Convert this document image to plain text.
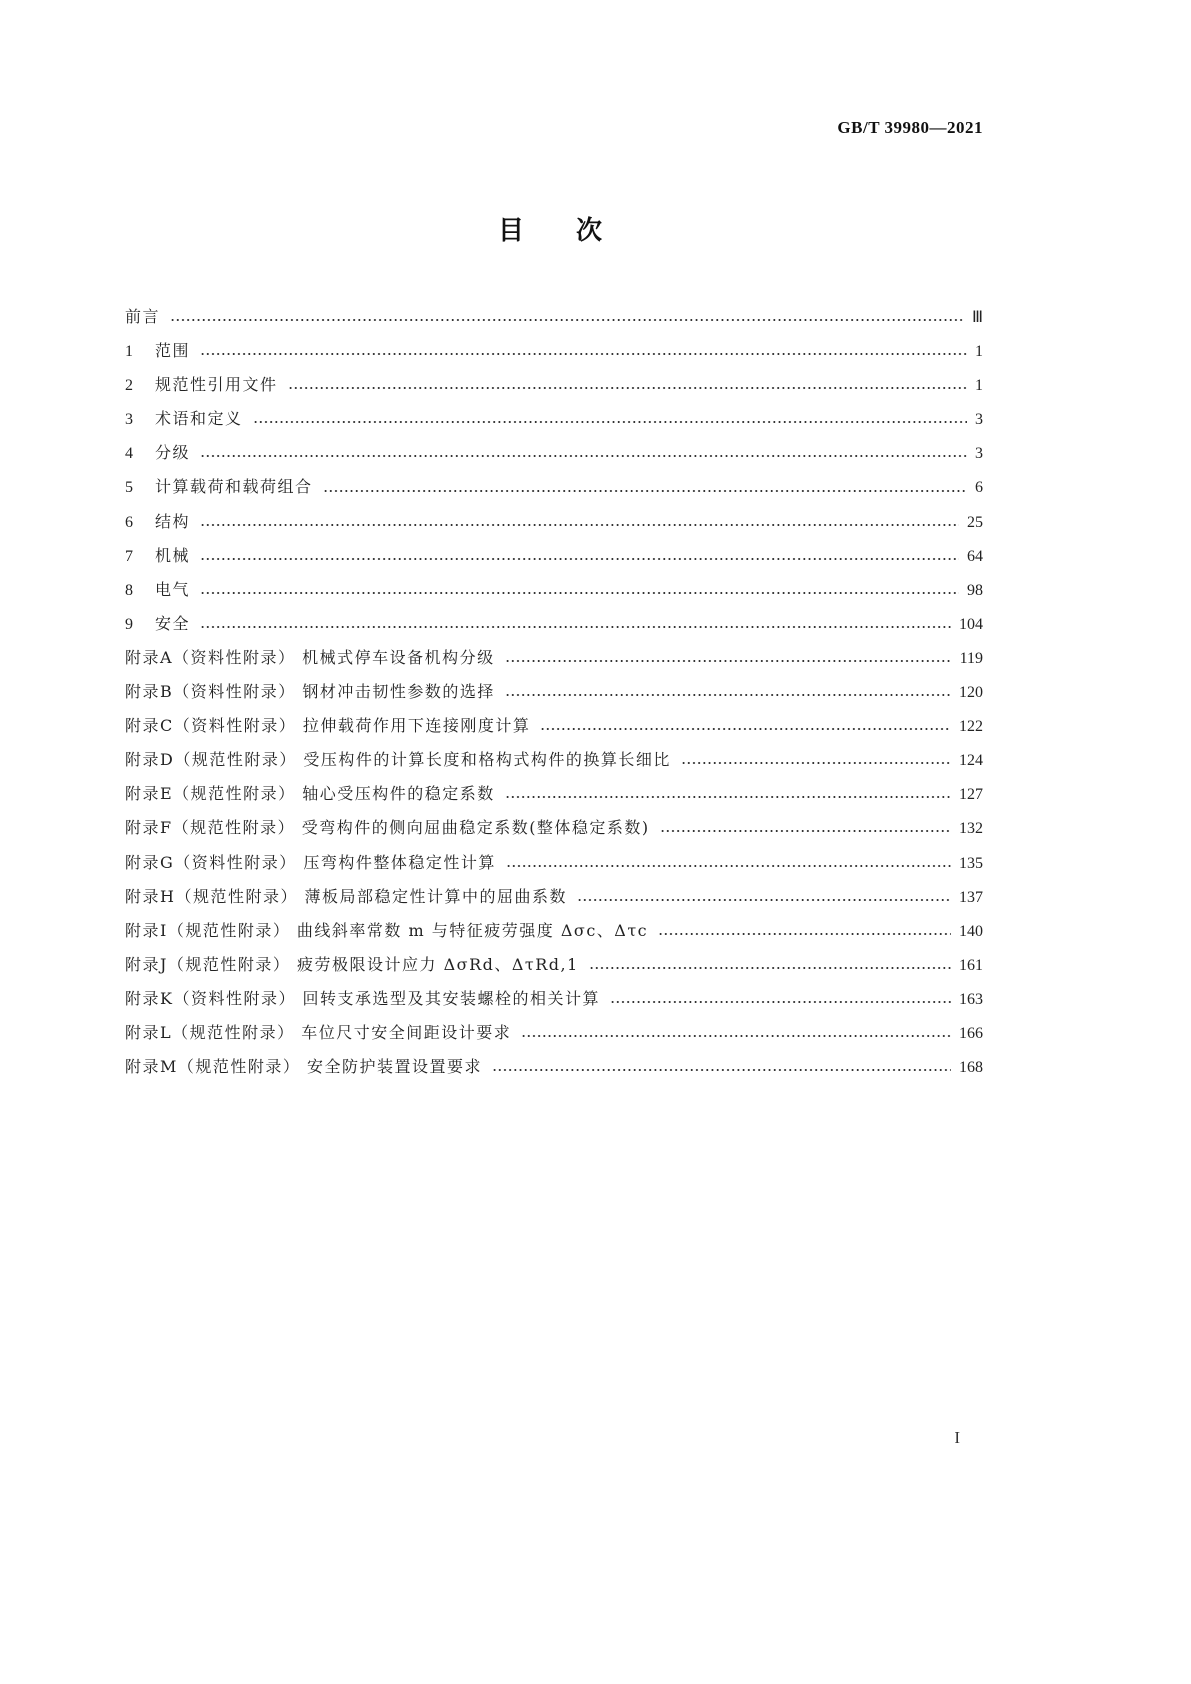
GB/T 39980—2021
目次
前言	Ⅲ
1	范围	1
2	规范性引用文件	1
3	术语和定义	3
4	分级	3
5	计算载荷和载荷组合	6
6	结构	25
7	机械	64
8	电气	98
9	安全	104
附录A（资料性附录） 机械式停车设备机构分级	119
附录B（资料性附录） 钢材冲击韧性参数的选择	120
附录C（资料性附录） 拉伸载荷作用下连接刚度计算	122
附录D（规范性附录） 受压构件的计算长度和格构式构件的换算长细比	124
附录E（规范性附录） 轴心受压构件的稳定系数	127
附录F（规范性附录） 受弯构件的侧向屈曲稳定系数(整体稳定系数)	132
附录G（资料性附录） 压弯构件整体稳定性计算	135
附录H（规范性附录） 薄板局部稳定性计算中的屈曲系数	137
附录I（规范性附录） 曲线斜率常数 m 与特征疲劳强度 Δσc、Δτc	140
附录J（规范性附录） 疲劳极限设计应力 ΔσRd、ΔτRd,1	161
附录K（资料性附录） 回转支承选型及其安装螺栓的相关计算	163
附录L（规范性附录） 车位尺寸安全间距设计要求	166
附录M（规范性附录） 安全防护装置设置要求	168
I
